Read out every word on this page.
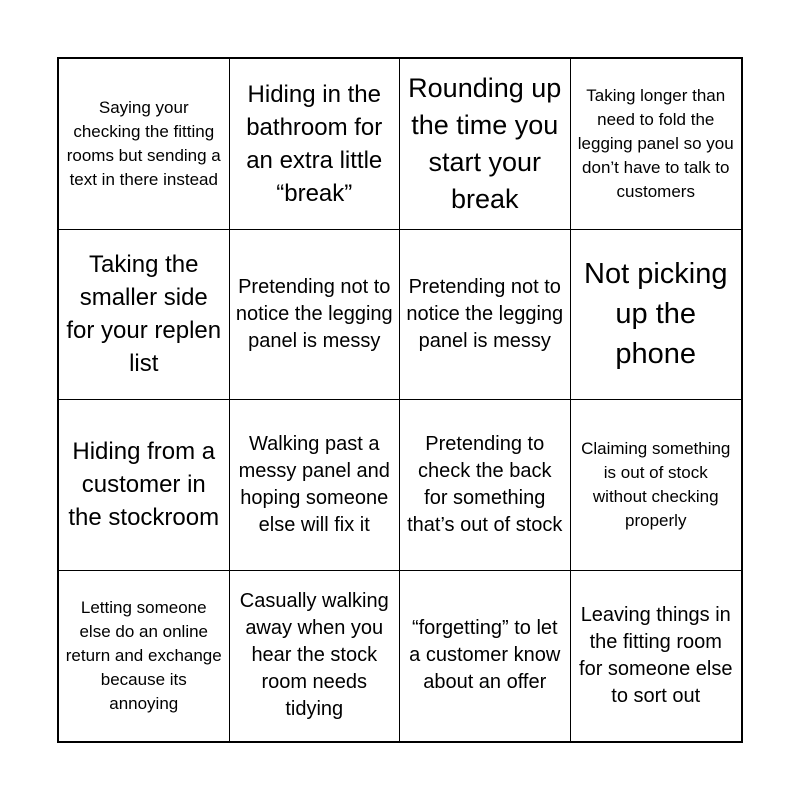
Saying your checking the fitting rooms but sending a text in there instead
Hiding in the bathroom for an extra little “break”
Rounding up the time you start your break
Taking longer than need to fold the legging panel so you don’t have to talk to customers
Taking the smaller side for your replen list
Pretending not to notice the legging panel is messy
Pretending not to notice the legging panel is messy
Not picking up the phone
Hiding from a customer in the stockroom
Walking past a messy panel and hoping someone else will fix it
Pretending to check the back for something that’s out of stock
Claiming something is out of stock without checking properly
Letting someone else do an online return and exchange because its annoying
Casually walking away when you hear the stock room needs tidying
“forgetting” to let a customer know about an offer
Leaving things in the fitting room for someone else to sort out
